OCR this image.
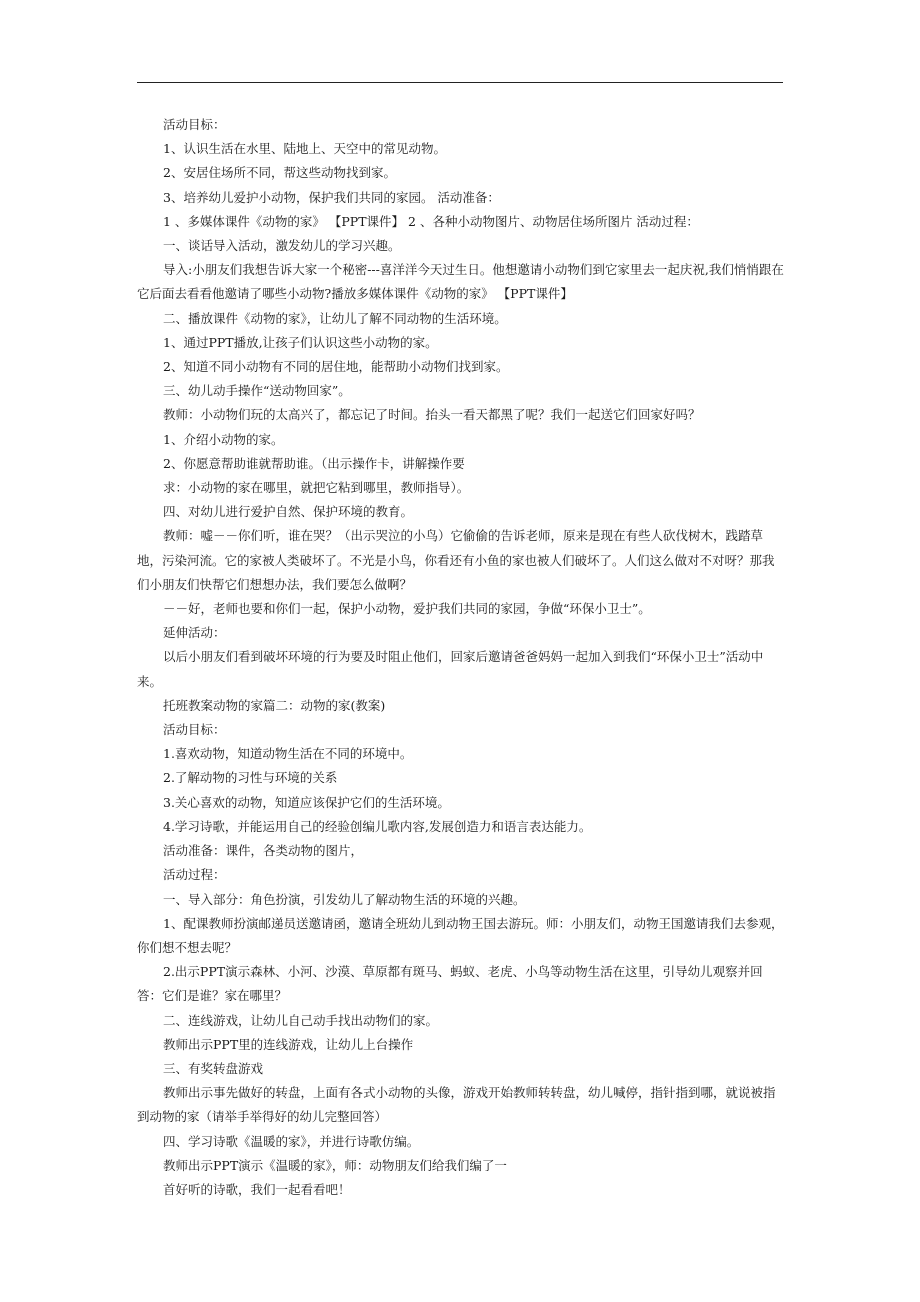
活动目标：

1、认识生活在水里、陆地上、天空中的常见动物。

2、安居住场所不同，帮这些动物找到家。

3、培养幼儿爱护小动物，保护我们共同的家园。 活动准备：

1 、多媒体课件《动物的家》 【PPT课件】 2 、各种小动物图片、动物居住场所图片 活动过程：

一、谈话导入活动，激发幼儿的学习兴趣。

导入:小朋友们我想告诉大家一个秘密---喜洋洋今天过生日。他想邀请小动物们到它家里去一起庆祝,我们悄悄跟在它后面去看看他邀请了哪些小动物?播放多媒体课件《动物的家》 【PPT课件】

二、播放课件《动物的家》，让幼儿了解不同动物的生活环境。

1、通过PPT播放,让孩子们认识这些小动物的家。

2、知道不同小动物有不同的居住地，能帮助小动物们找到家。

三、幼儿动手操作“送动物回家”。

教师：小动物们玩的太高兴了，都忘记了时间。抬头一看天都黑了呢？我们一起送它们回家好吗？

1、介绍小动物的家。

2、你愿意帮助谁就帮助谁。（出示操作卡，讲解操作要

求：小动物的家在哪里，就把它粘到哪里，教师指导）。

四、对幼儿进行爱护自然、保护环境的教育。

教师：嘘－－你们听，谁在哭？（出示哭泣的小鸟）它偷偷的告诉老师，原来是现在有些人砍伐树木，践踏草地，污染河流。它的家被人类破坏了。不光是小鸟，你看还有小鱼的家也被人们破坏了。人们这么做对不对呀？那我们小朋友们快帮它们想想办法，我们要怎么做啊？

－－好，老师也要和你们一起，保护小动物，爱护我们共同的家园，争做“环保小卫士”。

延伸活动：

以后小朋友们看到破坏环境的行为要及时阻止他们，回家后邀请爸爸妈妈一起加入到我们“环保小卫士”活动中来。

托班教案动物的家篇二：动物的家(教案)

活动目标：

1.喜欢动物，知道动物生活在不同的环境中。

2.了解动物的习性与环境的关系

3.关心喜欢的动物，知道应该保护它们的生活环境。

4.学习诗歌，并能运用自己的经验创编儿歌内容,发展创造力和语言表达能力。

活动准备：课件，各类动物的图片，

活动过程：

一、导入部分：角色扮演，引发幼儿了解动物生活的环境的兴趣。

1、配课教师扮演邮递员送邀请函，邀请全班幼儿到动物王国去游玩。师：小朋友们，动物王国邀请我们去参观，你们想不想去呢？

2.出示PPT演示森林、小河、沙漠、草原都有斑马、蚂蚁、老虎、小鸟等动物生活在这里，引导幼儿观察并回答：它们是谁？家在哪里？

二、连线游戏，让幼儿自己动手找出动物们的家。

教师出示PPT里的连线游戏，让幼儿上台操作

三、有奖转盘游戏

教师出示事先做好的转盘，上面有各式小动物的头像，游戏开始教师转转盘，幼儿喊停，指针指到哪，就说被指到动物的家（请举手举得好的幼儿完整回答）

四、学习诗歌《温暖的家》，并进行诗歌仿编。

教师出示PPT演示《温暖的家》，师：动物朋友们给我们编了一

首好听的诗歌，我们一起看看吧！
